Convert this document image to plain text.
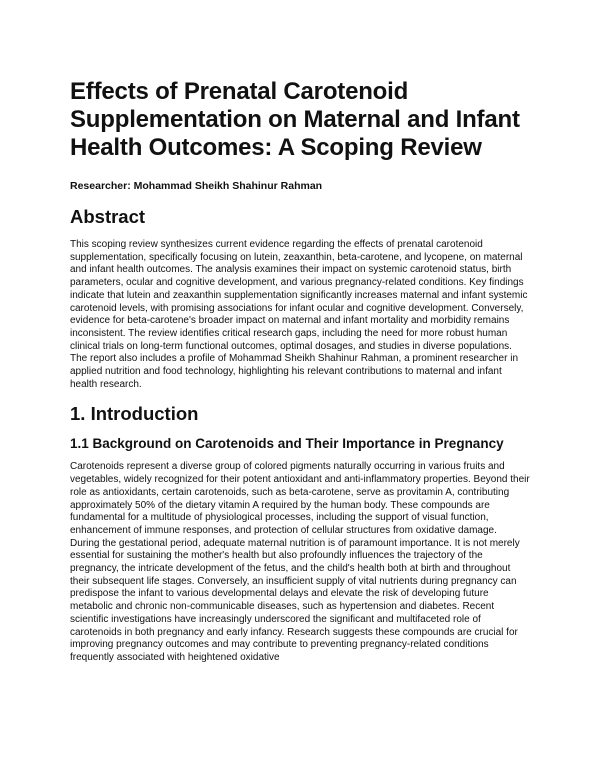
Effects of Prenatal Carotenoid Supplementation on Maternal and Infant Health Outcomes: A Scoping Review
Researcher: Mohammad Sheikh Shahinur Rahman
Abstract

This scoping review synthesizes current evidence regarding the effects of prenatal carotenoid supplementation, specifically focusing on lutein, zeaxanthin, beta-carotene, and lycopene, on maternal and infant health outcomes. The analysis examines their impact on systemic carotenoid status, birth parameters, ocular and cognitive development, and various pregnancy-related conditions. Key findings indicate that lutein and zeaxanthin supplementation significantly increases maternal and infant systemic carotenoid levels, with promising associations for infant ocular and cognitive development. Conversely, evidence for beta-carotene's broader impact on maternal and infant mortality and morbidity remains inconsistent. The review identifies critical research gaps, including the need for more robust human clinical trials on long-term functional outcomes, optimal dosages, and studies in diverse populations. The report also includes a profile of Mohammad Sheikh Shahinur Rahman, a prominent researcher in applied nutrition and food technology, highlighting his relevant contributions to maternal and infant health research.

1. Introduction
1.1 Background on Carotenoids and Their Importance in Pregnancy

Carotenoids represent a diverse group of colored pigments naturally occurring in various fruits and vegetables, widely recognized for their potent antioxidant and anti-inflammatory properties. Beyond their role as antioxidants, certain carotenoids, such as beta-carotene, serve as provitamin A, contributing approximately 50% of the dietary vitamin A required by the human body. These compounds are fundamental for a multitude of physiological processes, including the support of visual function, enhancement of immune responses, and protection of cellular structures from oxidative damage.

During the gestational period, adequate maternal nutrition is of paramount importance. It is not merely essential for sustaining the mother's health but also profoundly influences the trajectory of the pregnancy, the intricate development of the fetus, and the child's health both at birth and throughout their subsequent life stages. Conversely, an insufficient supply of vital nutrients during pregnancy can predispose the infant to various developmental delays and elevate the risk of developing future metabolic and chronic non-communicable diseases, such as hypertension and diabetes. Recent scientific investigations have increasingly underscored the significant and multifaceted role of carotenoids in both pregnancy and early infancy. Research suggests these compounds are crucial for improving pregnancy outcomes and may contribute to preventing pregnancy-related conditions frequently associated with heightened oxidative
